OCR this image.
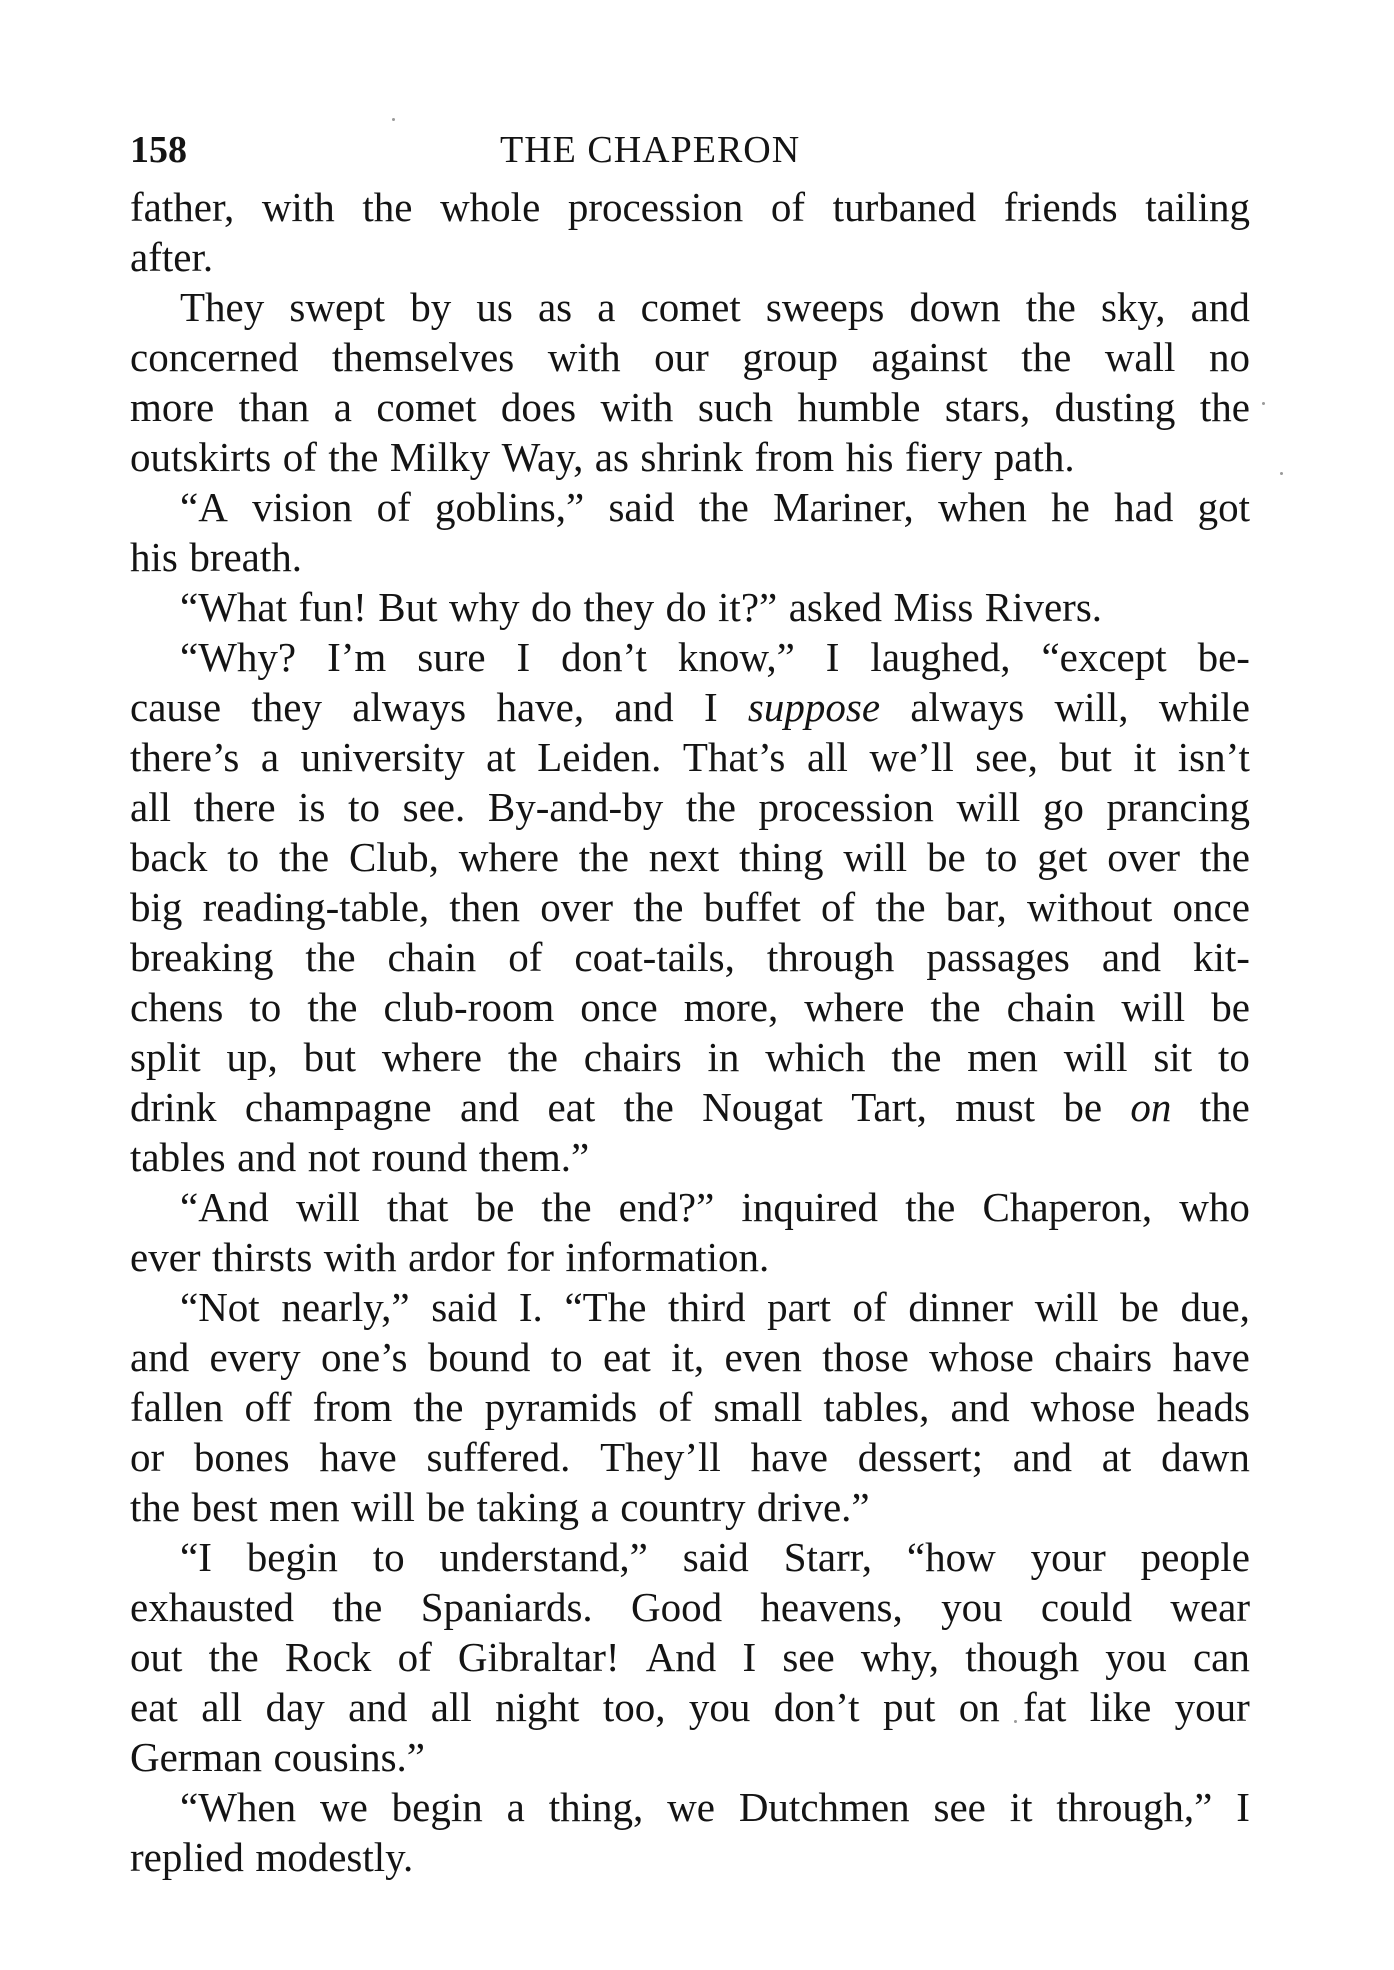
158	THE CHAPERON
father, with the whole procession of turbaned friends tailing
after.
They swept by us as a comet sweeps down the sky, and
concerned themselves with our group against the wall no
more than a comet does with such humble stars, dusting the
outskirts of the Milky Way, as shrink from his fiery path.
“A vision of goblins,” said the Mariner, when he had got
his breath.
“What fun! But why do they do it?” asked Miss Rivers.
“Why? I’m sure I don’t know,” I laughed, “except be-
cause they always have, and I suppose always will, while
there’s a university at Leiden. That’s all we’ll see, but it isn’t
all there is to see. By-and-by the procession will go prancing
back to the Club, where the next thing will be to get over the
big reading-table, then over the buffet of the bar, without once
breaking the chain of coat-tails, through passages and kit-
chens to the club-room once more, where the chain will be
split up, but where the chairs in which the men will sit to
drink champagne and eat the Nougat Tart, must be on the
tables and not round them.”
“And will that be the end?” inquired the Chaperon, who
ever thirsts with ardor for information.
“Not nearly,” said I. “The third part of dinner will be due,
and every one’s bound to eat it, even those whose chairs have
fallen off from the pyramids of small tables, and whose heads
or bones have suffered. They’ll have dessert; and at dawn
the best men will be taking a country drive.”
“I begin to understand,” said Starr, “how your people
exhausted the Spaniards. Good heavens, you could wear
out the Rock of Gibraltar! And I see why, though you can
eat all day and all night too, you don’t put on fat like your
German cousins.”
“When we begin a thing, we Dutchmen see it through,” I
replied modestly.
